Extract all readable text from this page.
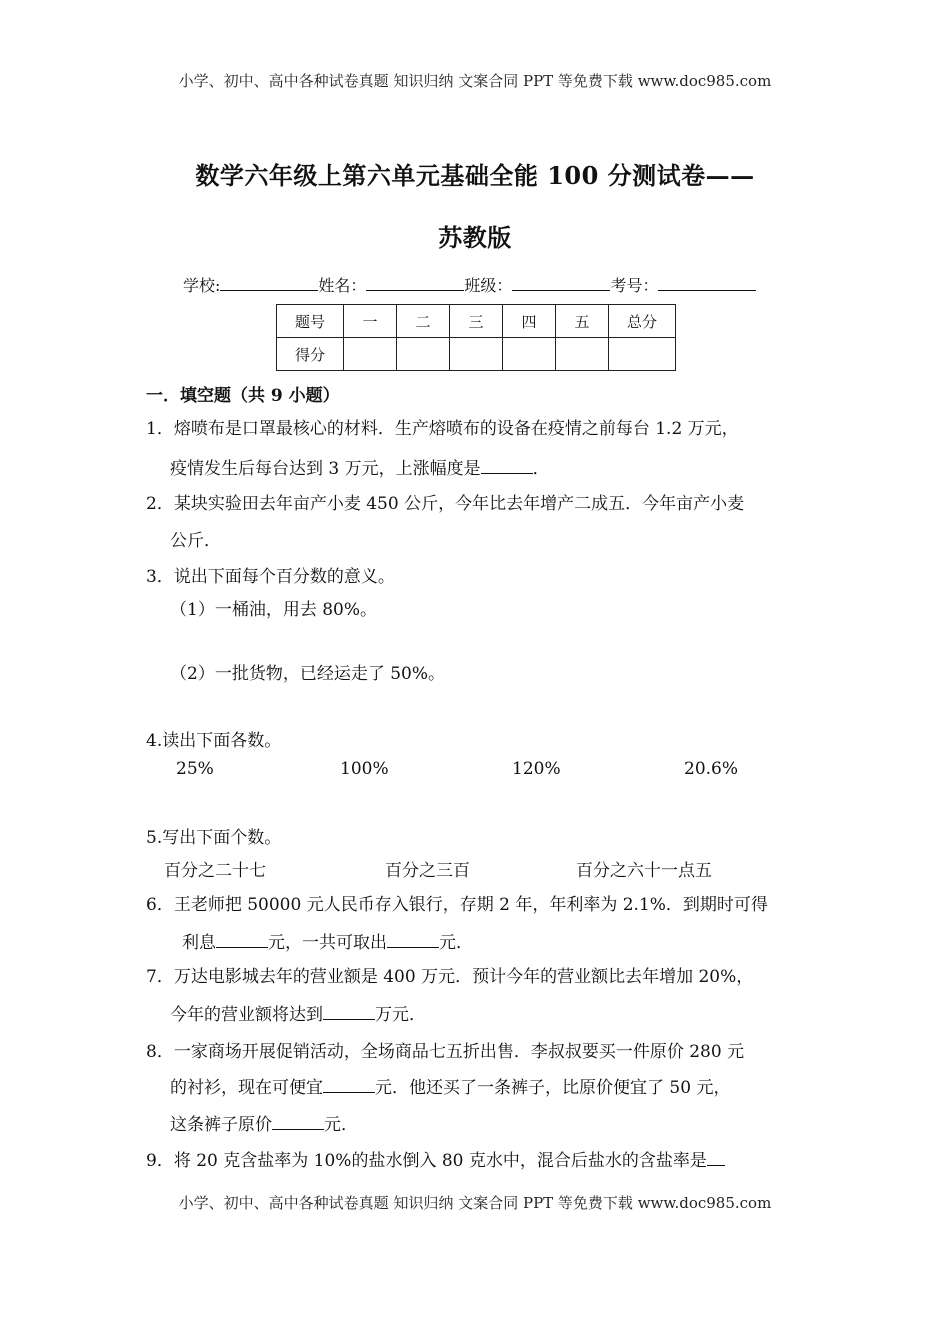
小学、初中、高中各种试卷真题 知识归纳 文案合同 PPT 等免费下载 www.doc985.com
数学六年级上第六单元基础全能 100 分测试卷——
苏教版
学校:	姓名：	班级：	考号：
题号	一	二	三	四	五	总分
得分						
一．填空题（共 9 小题）
1．熔喷布是口罩最核心的材料．生产熔喷布的设备在疫情之前每台 1.2 万元，
疫情发生后每台达到 3 万元，上涨幅度是	．
2．某块实验田去年亩产小麦 450 公斤，今年比去年增产二成五．今年亩产小麦
公斤．
3．说出下面每个百分数的意义。
（1）一桶油，用去 80%。
（2）一批货物，已经运走了 50%。
4.读出下面各数。
25%	100%	120%	20.6%
5.写出下面个数。
百分之二十七	百分之三百	百分之六十一点五
6．王老师把 50000 元人民币存入银行，存期 2 年，年利率为 2.1%．到期时可得
利息	元，一共可取出	元．
7．万达电影城去年的营业额是 400 万元．预计今年的营业额比去年增加 20%，
今年的营业额将达到	万元．
8．一家商场开展促销活动，全场商品七五折出售．李叔叔要买一件原价 280 元
的衬衫，现在可便宜	元．他还买了一条裤子，比原价便宜了 50 元，
这条裤子原价	元．
9．将 20 克含盐率为 10%的盐水倒入 80 克水中，混合后盐水的含盐率是
小学、初中、高中各种试卷真题 知识归纳 文案合同 PPT 等免费下载 www.doc985.com
